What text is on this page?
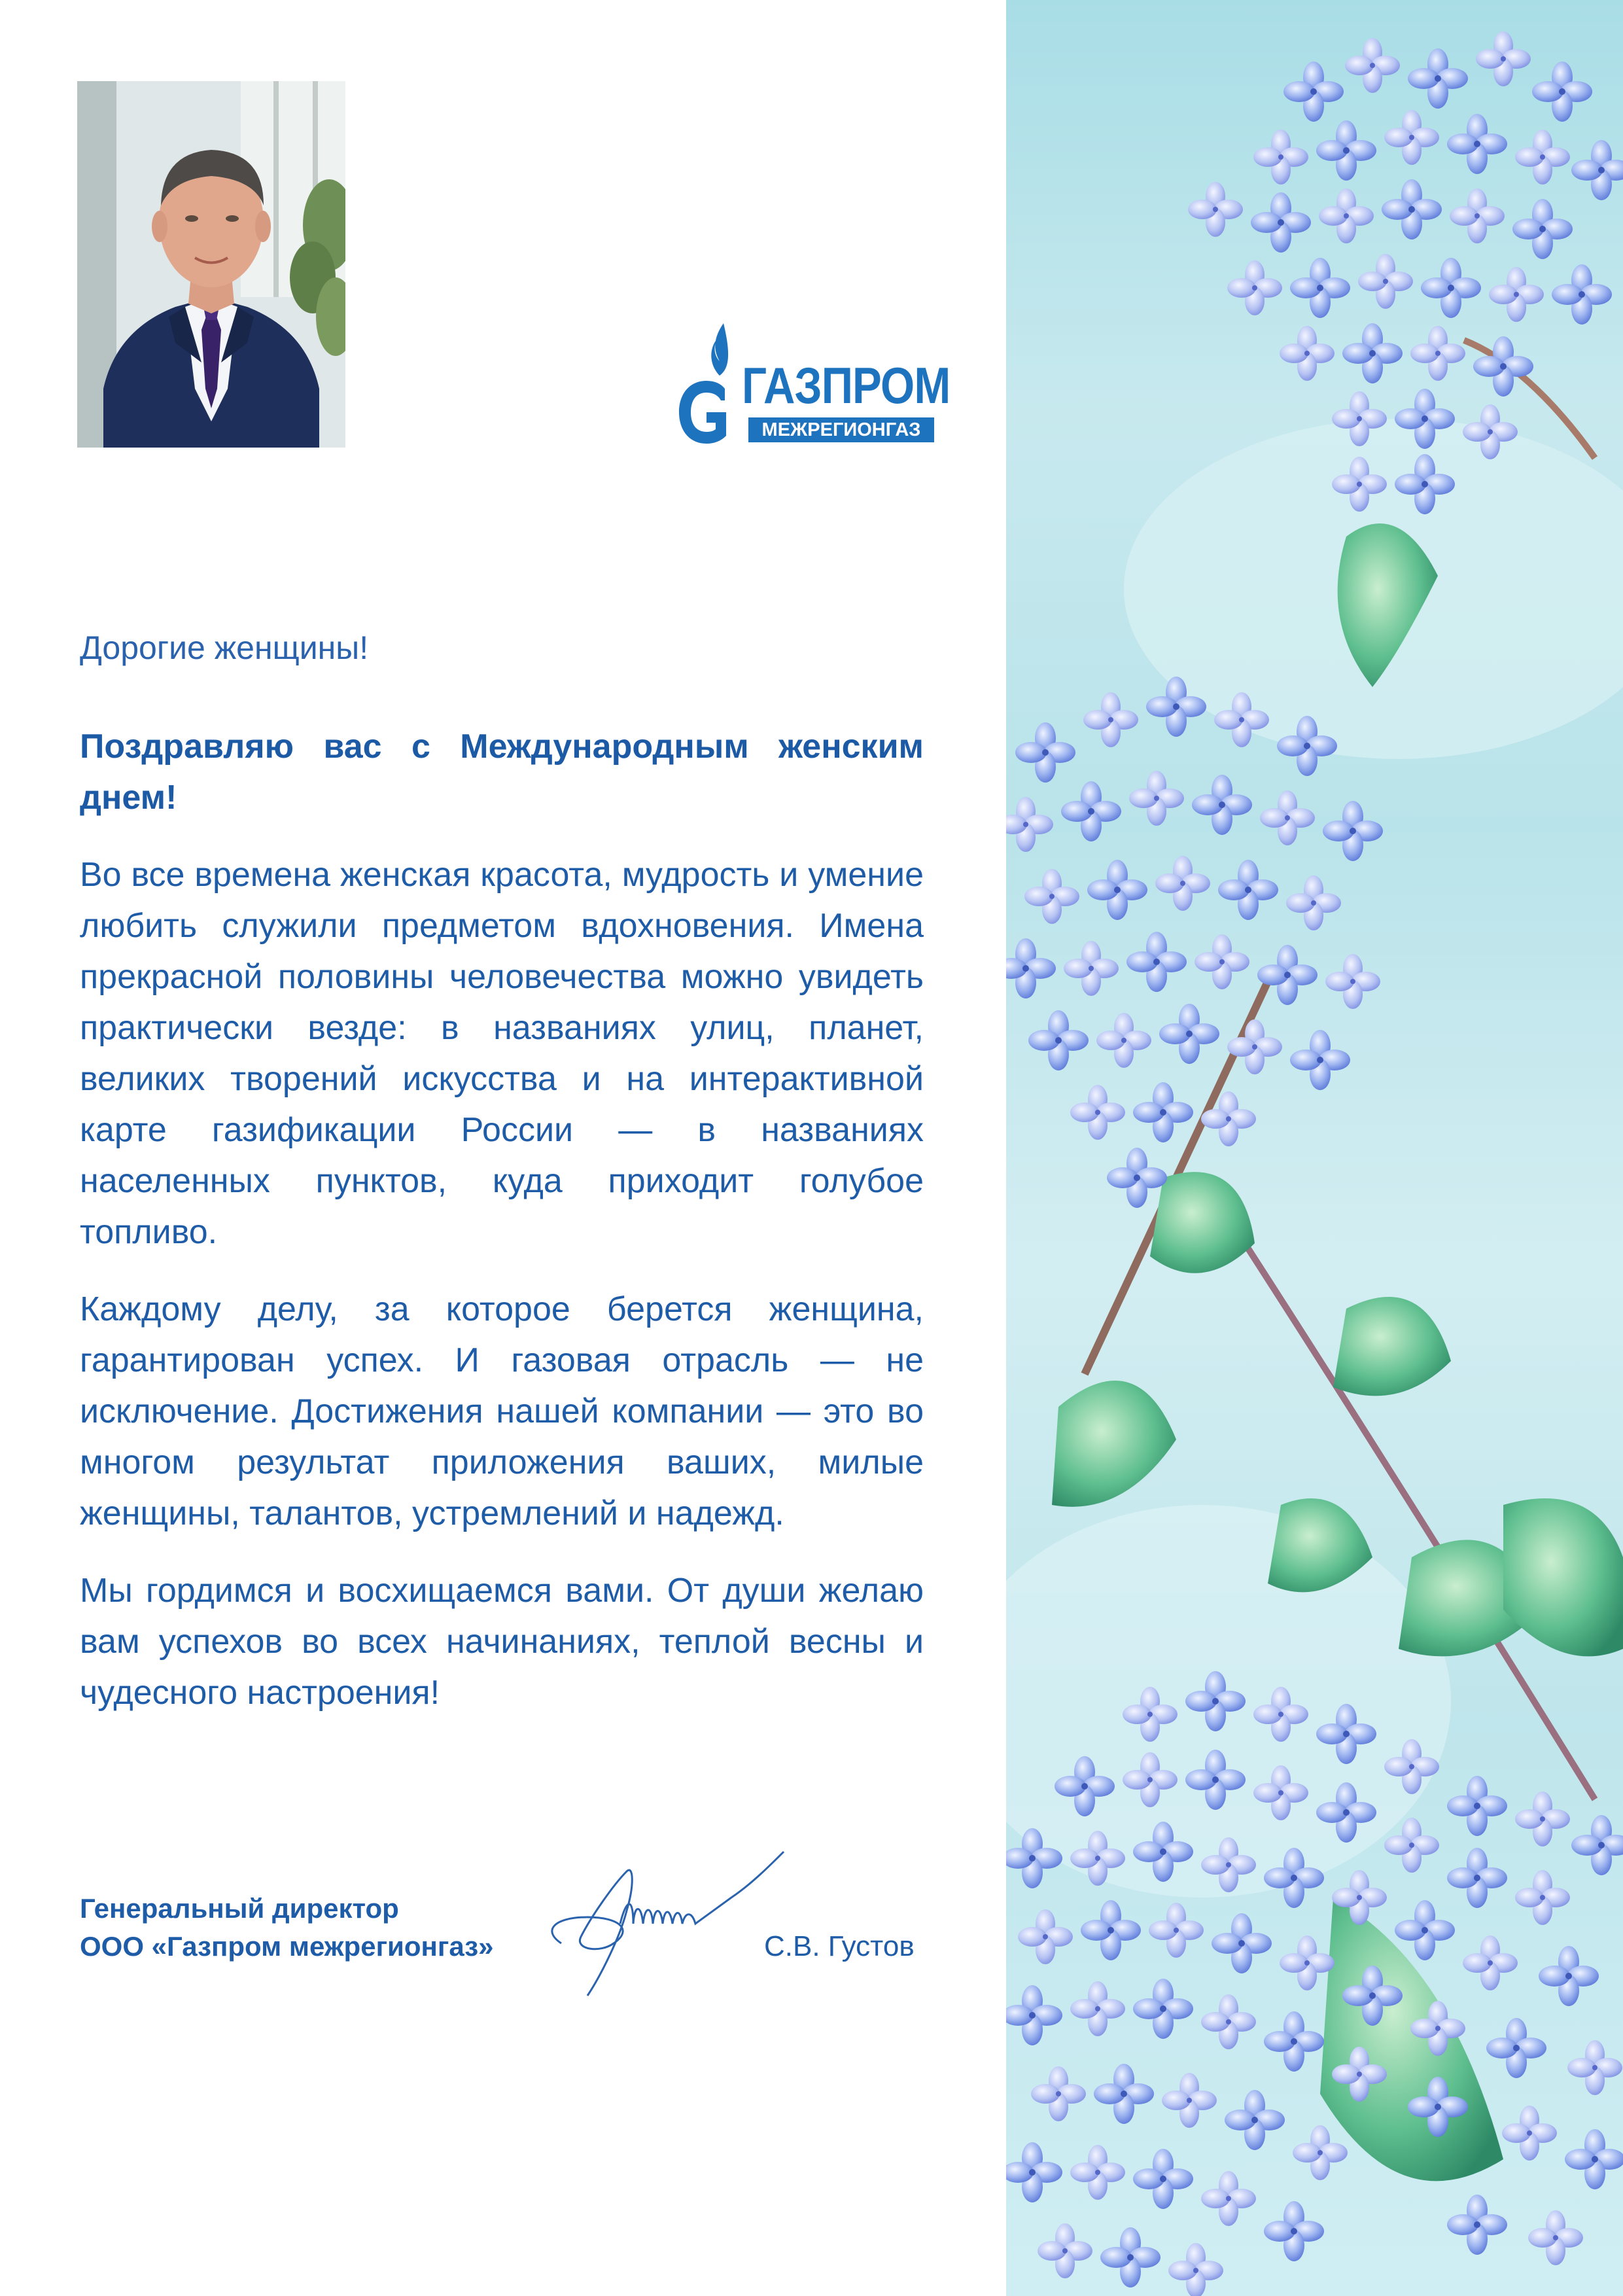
ГАЗПРОМ
МЕЖРЕГИОНГАЗ
Дорогие женщины!

Поздравляю вас с Международным женским днем!

Во все времена женская красота, мудрость и умение любить служили предметом вдохновения. Имена прекрасной половины человечества можно увидеть практически везде: в названиях улиц, планет, великих творений искусства и на интерактивной карте газификации России — в названиях населенных пунктов, куда приходит голубое топливо.

Каждому делу, за которое берется женщина, гарантирован успех. И газовая отрасль — не исключение. Достижения нашей компании — это во многом результат приложения ваших, милые женщины, талантов, устремлений и надежд.

Мы гордимся и восхищаемся вами. От души желаю вам успехов во всех начинаниях, теплой весны и чудесного настроения!

Генеральный директор
ООО «Газпром межрегионгаз»	С.В. Густов
